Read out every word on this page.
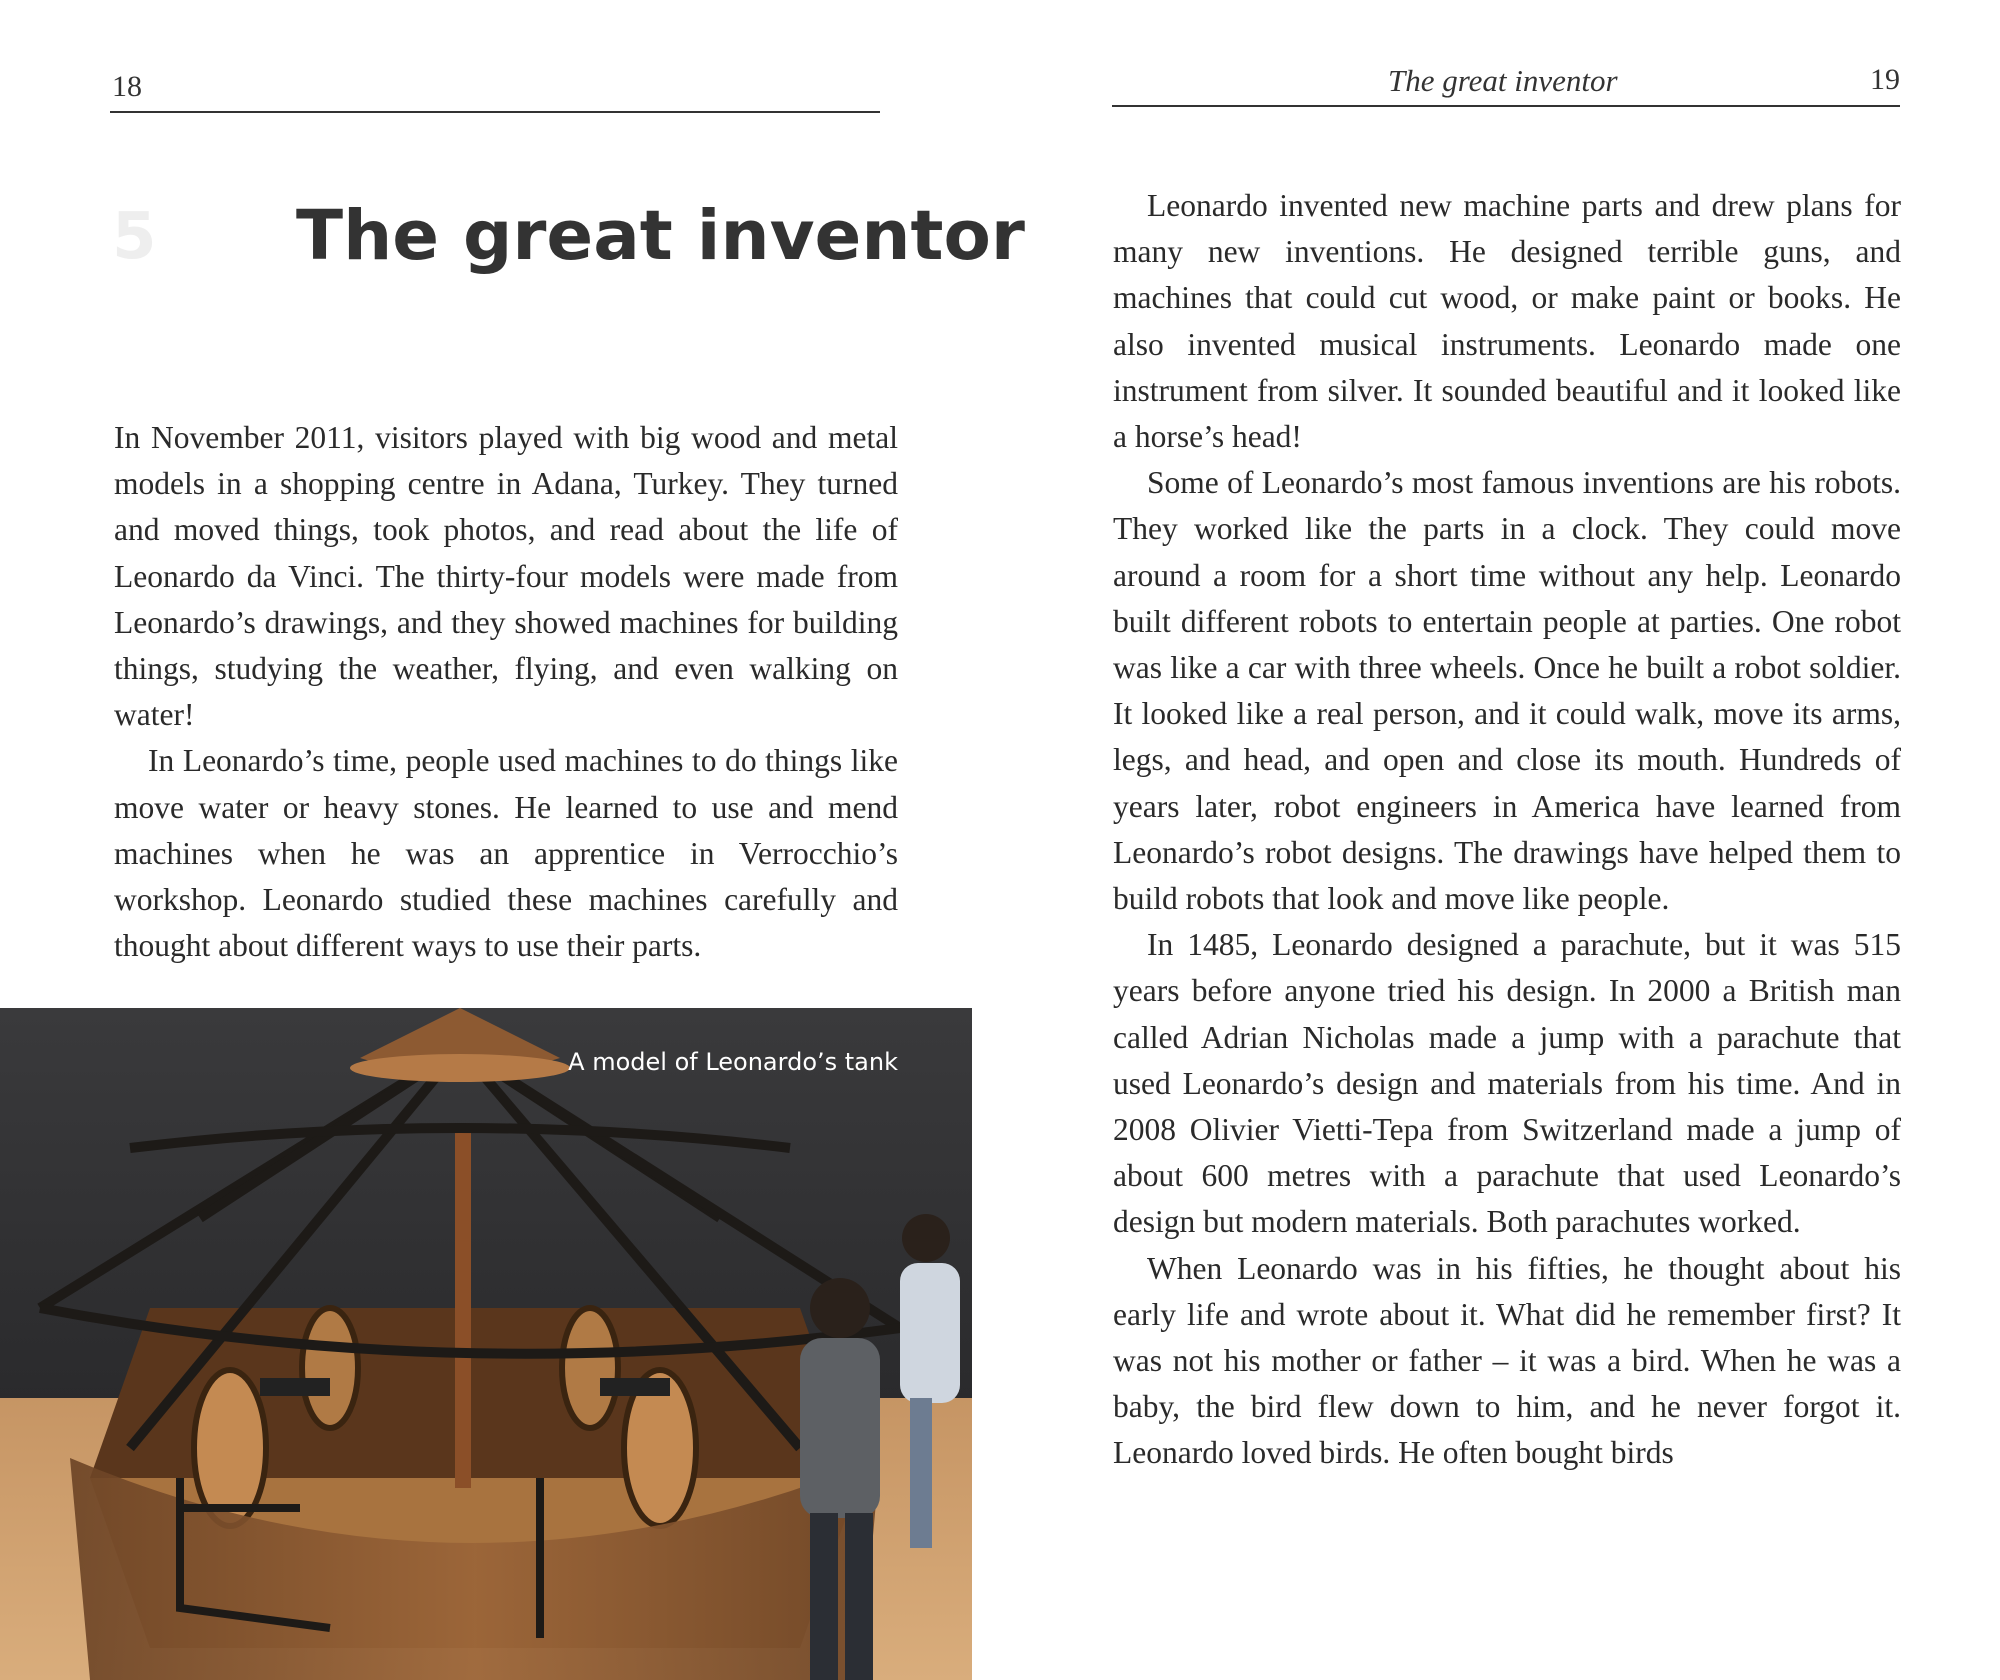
18
5 The great inventor

In November 2011, visitors played with big wood and metal models in a shopping centre in Adana, Turkey. They turned and moved things, took photos, and read about the life of Leonardo da Vinci. The thirty-four models were made from Leonardo’s drawings, and they showed machines for building things, studying the weather, flying, and even walking on water!

In Leonardo’s time, people used machines to do things like move water or heavy stones. He learned to use and mend machines when he was an apprentice in Verrocchio’s workshop. Leonardo studied these machines carefully and thought about different ways to use their parts.

A model of Leonardo’s tank
The great inventor	19

Leonardo invented new machine parts and drew plans for many new inventions. He designed terrible guns, and machines that could cut wood, or make paint or books. He also invented musical instruments. Leonardo made one instrument from silver. It sounded beautiful and it looked like a horse’s head!

Some of Leonardo’s most famous inventions are his robots. They worked like the parts in a clock. They could move around a room for a short time without any help. Leonardo built different robots to entertain people at parties. One robot was like a car with three wheels. Once he built a robot soldier. It looked like a real person, and it could walk, move its arms, legs, and head, and open and close its mouth. Hundreds of years later, robot engineers in America have learned from Leonardo’s robot designs. The drawings have helped them to build robots that look and move like people.

In 1485, Leonardo designed a parachute, but it was 515 years before anyone tried his design. In 2000 a British man called Adrian Nicholas made a jump with a parachute that used Leonardo’s design and materials from his time. And in 2008 Olivier Vietti-Tepa from Switzerland made a jump of about 600 metres with a parachute that used Leonardo’s design but modern materials. Both parachutes worked.

When Leonardo was in his fifties, he thought about his early life and wrote about it. What did he remember first? It was not his mother or father – it was a bird. When he was a baby, the bird flew down to him, and he never forgot it. Leonardo loved birds. He often bought birds
